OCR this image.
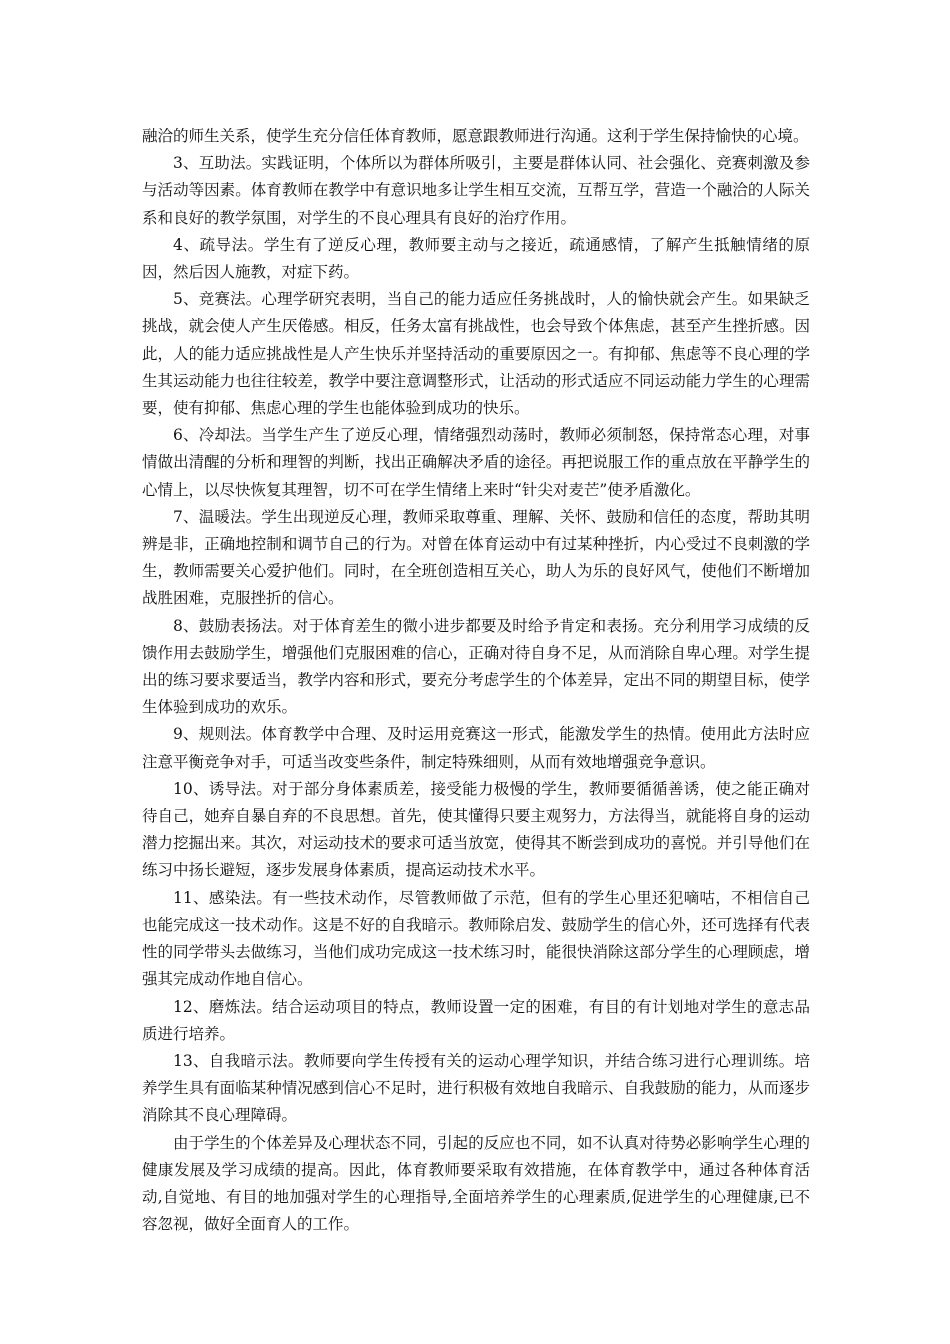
融洽的师生关系，使学生充分信任体育教师，愿意跟教师进行沟通。这利于学生保持愉快的心境。

3、互助法。实践证明，个体所以为群体所吸引，主要是群体认同、社会强化、竞赛刺激及参与活动等因素。体育教师在教学中有意识地多让学生相互交流，互帮互学，营造一个融洽的人际关系和良好的教学氛围，对学生的不良心理具有良好的治疗作用。

4、疏导法。学生有了逆反心理，教师要主动与之接近，疏通感情，了解产生抵触情绪的原因，然后因人施教，对症下药。

5、竞赛法。心理学研究表明，当自己的能力适应任务挑战时，人的愉快就会产生。如果缺乏挑战，就会使人产生厌倦感。相反，任务太富有挑战性，也会导致个体焦虑，甚至产生挫折感。因此，人的能力适应挑战性是人产生快乐并坚持活动的重要原因之一。有抑郁、焦虑等不良心理的学生其运动能力也往往较差，教学中要注意调整形式，让活动的形式适应不同运动能力学生的心理需要，使有抑郁、焦虑心理的学生也能体验到成功的快乐。

6、冷却法。当学生产生了逆反心理，情绪强烈动荡时，教师必须制怒，保持常态心理，对事情做出清醒的分析和理智的判断，找出正确解决矛盾的途径。再把说服工作的重点放在平静学生的心情上，以尽快恢复其理智，切不可在学生情绪上来时“针尖对麦芒”使矛盾激化。

7、温暖法。学生出现逆反心理，教师采取尊重、理解、关怀、鼓励和信任的态度，帮助其明辨是非，正确地控制和调节自己的行为。对曾在体育运动中有过某种挫折，内心受过不良刺激的学生，教师需要关心爱护他们。同时，在全班创造相互关心，助人为乐的良好风气，使他们不断增加战胜困难，克服挫折的信心。

8、鼓励表扬法。对于体育差生的微小进步都要及时给予肯定和表扬。充分利用学习成绩的反馈作用去鼓励学生，增强他们克服困难的信心，正确对待自身不足，从而消除自卑心理。对学生提出的练习要求要适当，教学内容和形式，要充分考虑学生的个体差异，定出不同的期望目标，使学生体验到成功的欢乐。

9、规则法。体育教学中合理、及时运用竞赛这一形式，能激发学生的热情。使用此方法时应注意平衡竞争对手，可适当改变些条件，制定特殊细则，从而有效地增强竞争意识。

10、诱导法。对于部分身体素质差，接受能力极慢的学生，教师要循循善诱，使之能正确对待自己，她弃自暴自弃的不良思想。首先，使其懂得只要主观努力，方法得当，就能将自身的运动潜力挖掘出来。其次，对运动技术的要求可适当放宽，使得其不断尝到成功的喜悦。并引导他们在练习中扬长避短，逐步发展身体素质，提高运动技术水平。

11、感染法。有一些技术动作，尽管教师做了示范，但有的学生心里还犯嘀咕，不相信自己也能完成这一技术动作。这是不好的自我暗示。教师除启发、鼓励学生的信心外，还可选择有代表性的同学带头去做练习，当他们成功完成这一技术练习时，能很快消除这部分学生的心理顾虑，增强其完成动作地自信心。

12、磨炼法。结合运动项目的特点，教师设置一定的困难，有目的有计划地对学生的意志品质进行培养。

13、自我暗示法。教师要向学生传授有关的运动心理学知识，并结合练习进行心理训练。培养学生具有面临某种情况感到信心不足时，进行积极有效地自我暗示、自我鼓励的能力，从而逐步消除其不良心理障碍。

由于学生的个体差异及心理状态不同，引起的反应也不同，如不认真对待势必影响学生心理的健康发展及学习成绩的提高。因此，体育教师要采取有效措施，在体育教学中，通过各种体育活动,自觉地、有目的地加强对学生的心理指导,全面培养学生的心理素质,促进学生的心理健康,已不容忽视，做好全面育人的工作。
